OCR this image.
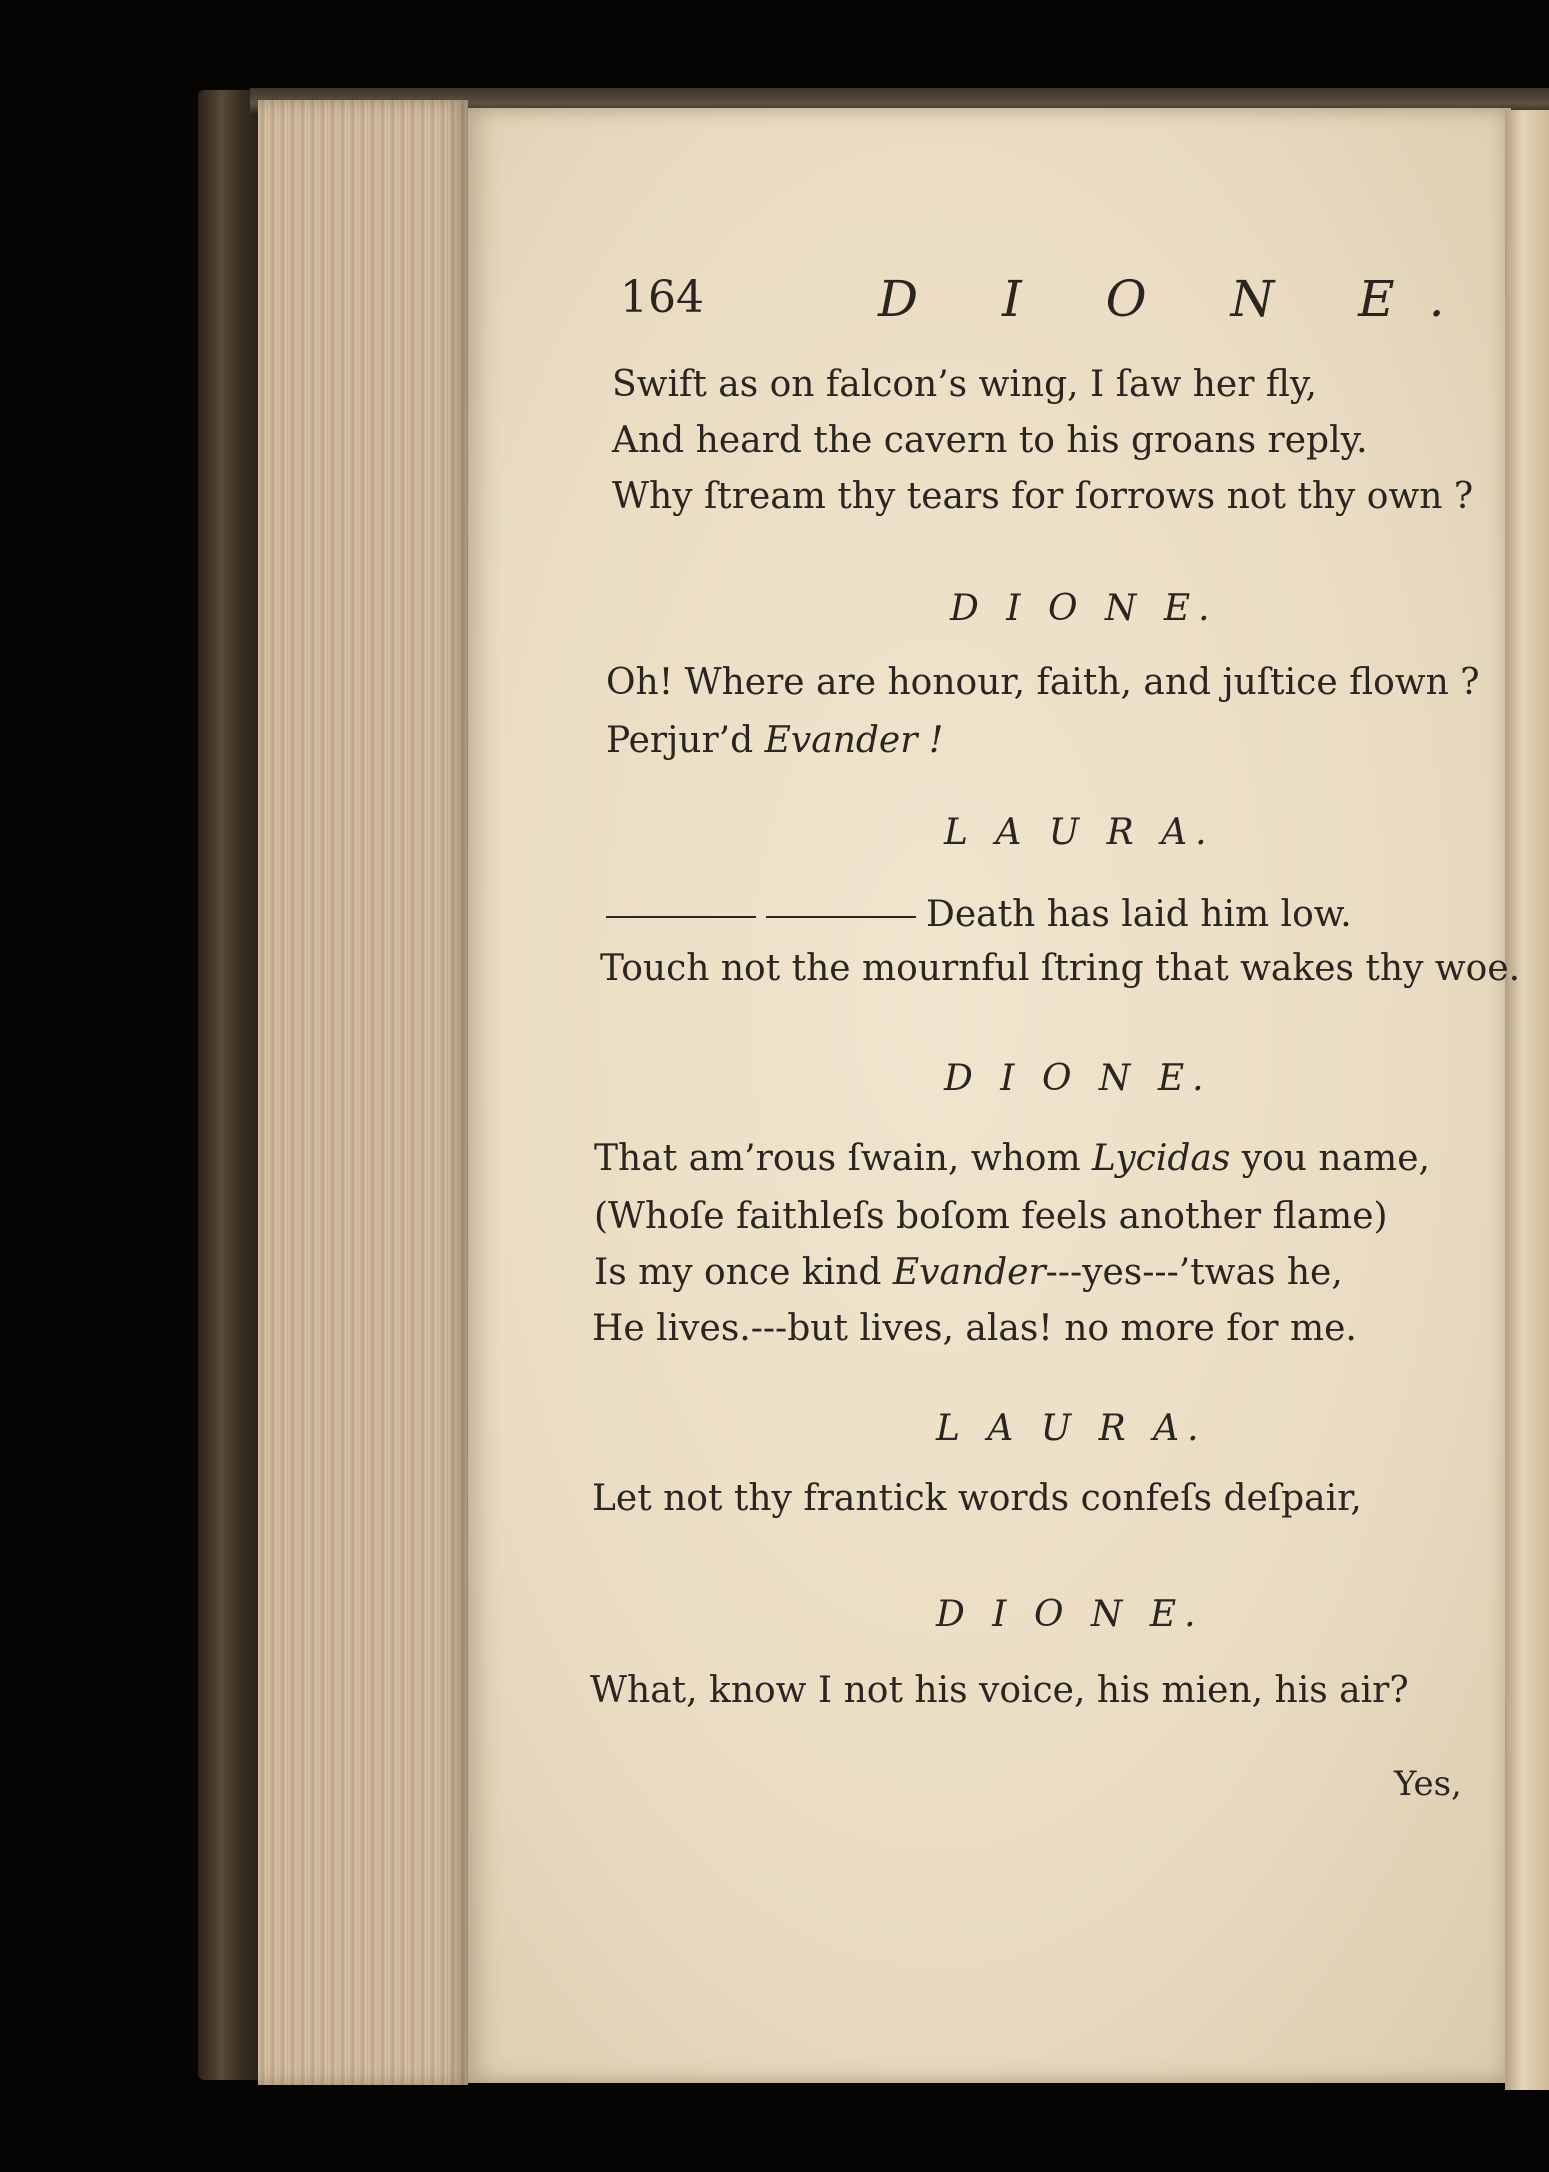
164	D I O N E.
Swift as on falcon’s wing, I ſaw her fly,
And heard the cavern to his groans reply.
Why ſtream thy tears for ſorrows not thy own ?
D I O N E.
Oh! Where are honour, faith, and juſtice flown ?
Perjur’d Evander !
L A U R A.
Death has laid him low.
Touch not the mournful ſtring that wakes thy woe.
D I O N E.
That am’rous ſwain, whom Lycidas you name,
(Whoſe faithleſs boſom feels another flame)
Is my once kind Evander---yes---’twas he,
He lives.---but lives, alas! no more for me.
L A U R A.
Let not thy frantick words confeſs deſpair,
D I O N E.
What, know I not his voice, his mien, his air?
Yes,
